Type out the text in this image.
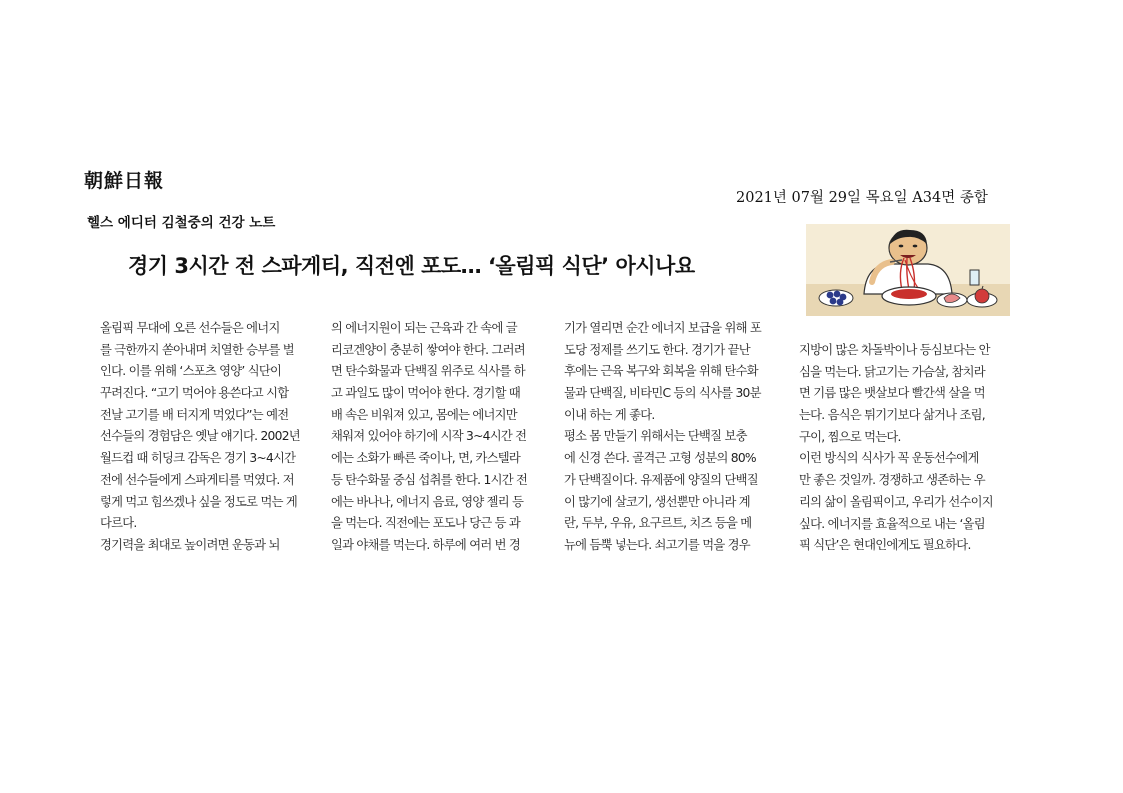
朝鮮日報
2021년 07월 29일 목요일 A34면 종합
헬스 에디터 김철중의 건강 노트
경기 3시간 전 스파게티, 직전엔 포도… ‘올림픽 식단’ 아시나요
올림픽 무대에 오른 선수들은 에너지
를 극한까지 쏟아내며 치열한 승부를 벌
인다. 이를 위해 ‘스포츠 영양’ 식단이
꾸려진다. “고기 먹어야 용쓴다고 시합
전날 고기를 배 터지게 먹었다”는 예전
선수들의 경험담은 옛날 얘기다. 2002년
월드컵 때 히딩크 감독은 경기 3~4시간
전에 선수들에게 스파게티를 먹였다. 저
렇게 먹고 힘쓰겠나 싶을 정도로 먹는 게
다르다.
경기력을 최대로 높이려면 운동과 뇌
의 에너지원이 되는 근육과 간 속에 글
리코겐양이 충분히 쌓여야 한다. 그러려
면 탄수화물과 단백질 위주로 식사를 하
고 과일도 많이 먹어야 한다. 경기할 때
배 속은 비워져 있고, 몸에는 에너지만
채워져 있어야 하기에 시작 3~4시간 전
에는 소화가 빠른 죽이나, 면, 카스텔라
등 탄수화물 중심 섭취를 한다. 1시간 전
에는 바나나, 에너지 음료, 영양 젤리 등
을 먹는다. 직전에는 포도나 당근 등 과
일과 야채를 먹는다. 하루에 여러 번 경
기가 열리면 순간 에너지 보급을 위해 포
도당 정제를 쓰기도 한다. 경기가 끝난
후에는 근육 복구와 회복을 위해 탄수화
물과 단백질, 비타민C 등의 식사를 30분
이내 하는 게 좋다.
평소 몸 만들기 위해서는 단백질 보충
에 신경 쓴다. 골격근 고형 성분의 80%
가 단백질이다. 유제품에 양질의 단백질
이 많기에 살코기, 생선뿐만 아니라 계
란, 두부, 우유, 요구르트, 치즈 등을 메
뉴에 듬뿍 넣는다. 쇠고기를 먹을 경우
지방이 많은 차돌박이나 등심보다는 안
심을 먹는다. 닭고기는 가슴살, 참치라
면 기름 많은 뱃살보다 빨간색 살을 먹
는다. 음식은 튀기기보다 삶거나 조림,
구이, 찜으로 먹는다.
이런 방식의 식사가 꼭 운동선수에게
만 좋은 것일까. 경쟁하고 생존하는 우
리의 삶이 올림픽이고, 우리가 선수이지
싶다. 에너지를 효율적으로 내는 ‘올림
픽 식단’은 현대인에게도 필요하다.
